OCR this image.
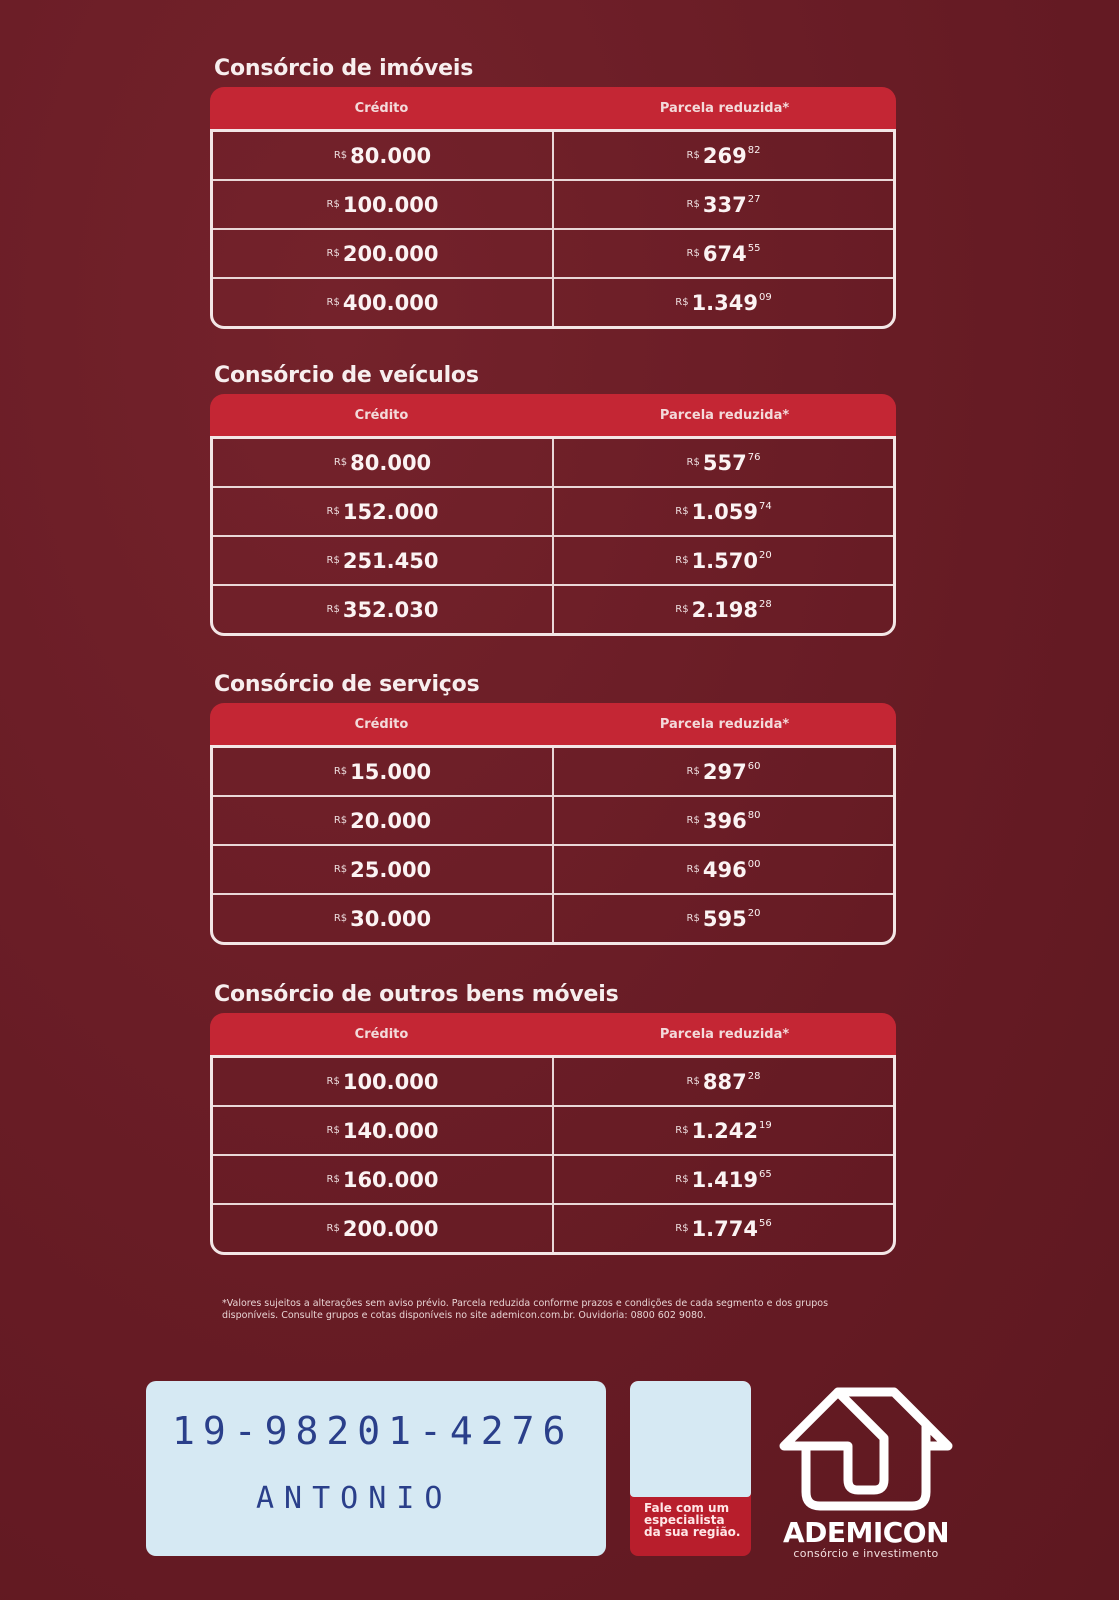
Consórcio de imóveis
Crédito	Parcela reduzida*
R$ 80.000	R$ 269 82
R$ 100.000	R$ 337 27
R$ 200.000	R$ 674 55
R$ 400.000	R$ 1.349 09
Consórcio de veículos
Crédito	Parcela reduzida*
R$ 80.000	R$ 557 76
R$ 152.000	R$ 1.059 74
R$ 251.450	R$ 1.570 20
R$ 352.030	R$ 2.198 28
Consórcio de serviços
Crédito	Parcela reduzida*
R$ 15.000	R$ 297 60
R$ 20.000	R$ 396 80
R$ 25.000	R$ 496 00
R$ 30.000	R$ 595 20
Consórcio de outros bens móveis
Crédito	Parcela reduzida*
R$ 100.000	R$ 887 28
R$ 140.000	R$ 1.242 19
R$ 160.000	R$ 1.419 65
R$ 200.000	R$ 1.774 56
*Valores sujeitos a alterações sem aviso prévio. Parcela reduzida conforme prazos e condições de cada segmento e dos grupos disponíveis. Consulte grupos e cotas disponíveis no site ademicon.com.br. Ouvidoria: 0800 602 9080.
19-98201-4276
ANTONIO	Fale com um
especialista
da sua região. ADEMICON
consórcio e investimento
